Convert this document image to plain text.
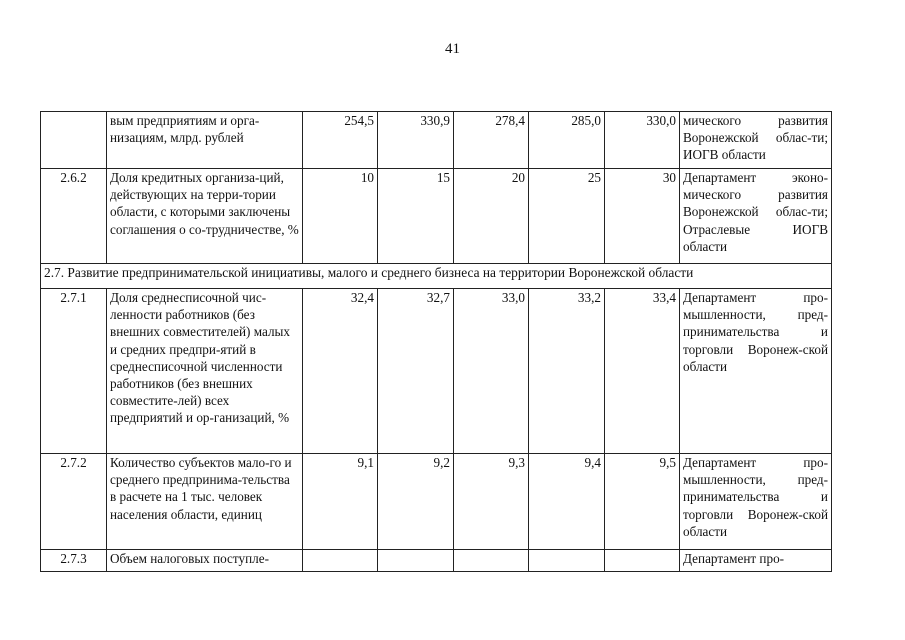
41
	вым предприятиям и орга-
низациям, млрд. рублей	254,5	330,9	278,4	285,0	330,0	мического развития Воронежской облас-ти; ИОГВ области
2.6.2	Доля кредитных организа-ций, действующих на терри-тории области, с которыми заключены соглашения о со-трудничестве, %	10	15	20	25	30	Департамент эконо-мического развития Воронежской облас-ти; Отраслевые ИОГВ области
2.7. Развитие предпринимательской инициативы, малого и среднего бизнеса на территории Воронежской области							
2.7.1	Доля среднесписочной чис-ленности работников (без внешних совместителей) малых и средних предпри-ятий в среднесписочной численности работников (без внешних совместите-лей) всех предприятий и ор-ганизаций, %	32,4	32,7	33,0	33,2	33,4	Департамент про-мышленности, пред-принимательства и торговли Воронеж-ской области
2.7.2	Количество субъектов мало-го и среднего предпринима-тельства в расчете на 1 тыс. человек населения области, единиц	9,1	9,2	9,3	9,4	9,5	Департамент про-мышленности, пред-принимательства и торговли Воронеж-ской области
2.7.3	Объем налоговых поступле-						Департамент про-
